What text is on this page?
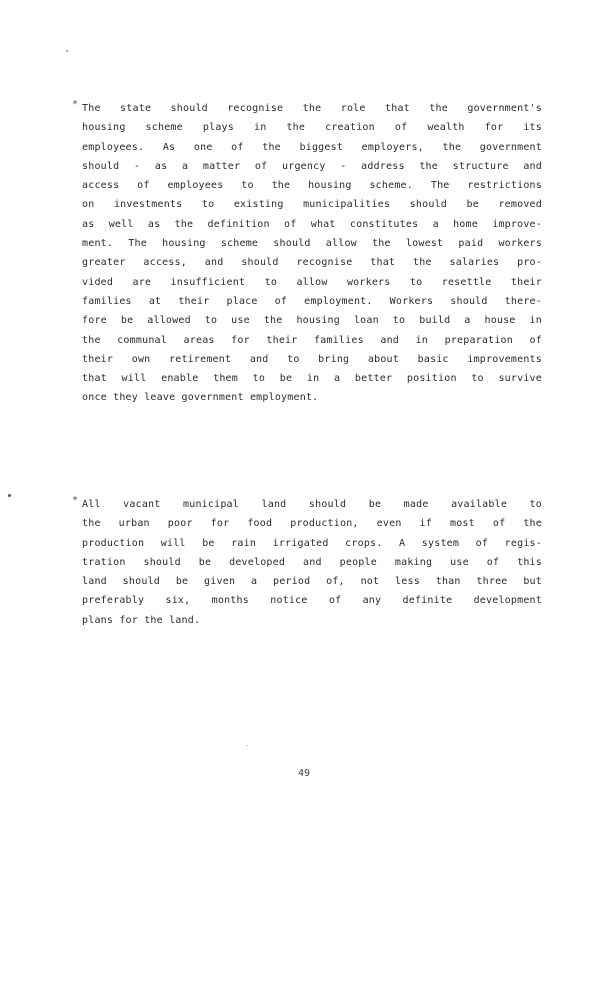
* The state should recognise the role that the government's
housing scheme plays in the creation of wealth for its
employees. As one of the biggest employers, the government
should - as a matter of urgency - address the structure and
access of employees to the housing scheme. The restrictions
on investments to existing municipalities should be removed
as well as the definition of what constitutes a home improve-
ment. The housing scheme should allow the lowest paid workers
greater access, and should recognise that the salaries pro-
vided are insufficient to allow workers to resettle their
families at their place of employment. Workers should there-
fore be allowed to use the housing loan to build a house in
the communal areas for their families and in preparation of
their own retirement and to bring about basic improvements
that will enable them to be in a better position to survive
once they leave government employment.
* All vacant municipal land should be made available to
the urban poor for food production, even if most of the
production will be rain irrigated crops. A system of regis-
tration should be developed and people making use of this
land should be given a period of, not less than three but
preferably six, months notice of any definite development
plans for the land.
49
